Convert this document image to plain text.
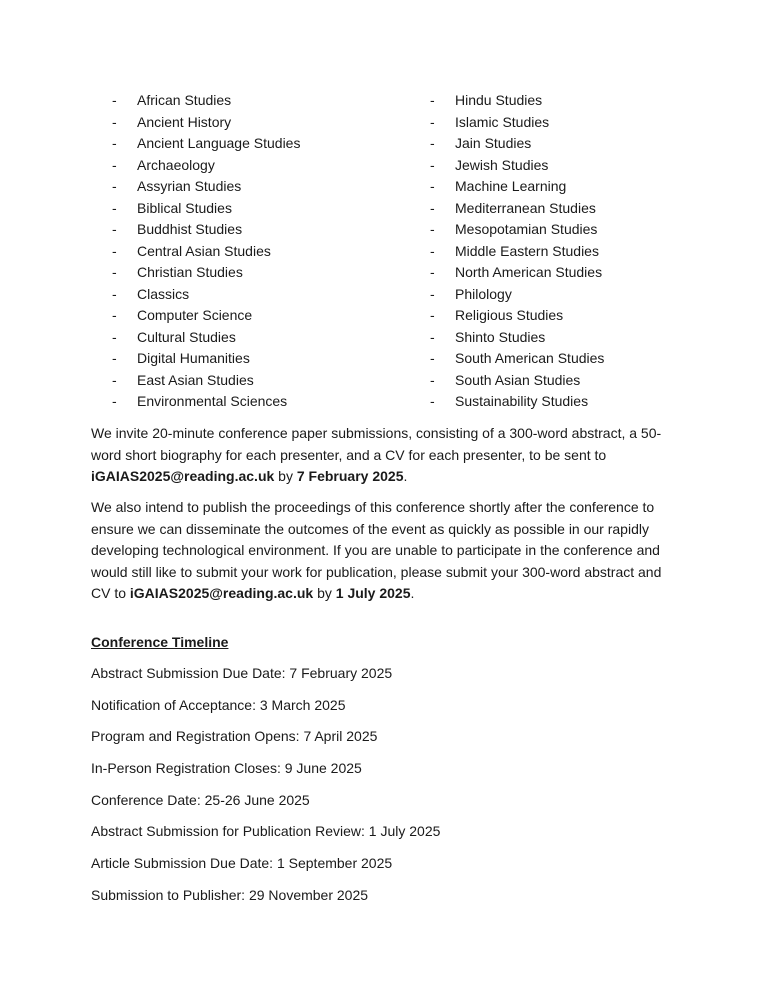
- African Studies
- Ancient History
- Ancient Language Studies
- Archaeology
- Assyrian Studies
- Biblical Studies
- Buddhist Studies
- Central Asian Studies
- Christian Studies
- Classics
- Computer Science
- Cultural Studies
- Digital Humanities
- East Asian Studies
- Environmental Sciences
- Hindu Studies
- Islamic Studies
- Jain Studies
- Jewish Studies
- Machine Learning
- Mediterranean Studies
- Mesopotamian Studies
- Middle Eastern Studies
- North American Studies
- Philology
- Religious Studies
- Shinto Studies
- South American Studies
- South Asian Studies
- Sustainability Studies

We invite 20-minute conference paper submissions, consisting of a 300-word abstract, a 50-word short biography for each presenter, and a CV for each presenter, to be sent to iGAIAS2025@reading.ac.uk by 7 February 2025.

We also intend to publish the proceedings of this conference shortly after the conference to ensure we can disseminate the outcomes of the event as quickly as possible in our rapidly developing technological environment. If you are unable to participate in the conference and would still like to submit your work for publication, please submit your 300-word abstract and CV to iGAIAS2025@reading.ac.uk by 1 July 2025.

Conference Timeline

Abstract Submission Due Date: 7 February 2025
Notification of Acceptance: 3 March 2025
Program and Registration Opens: 7 April 2025
In-Person Registration Closes: 9 June 2025
Conference Date: 25-26 June 2025
Abstract Submission for Publication Review: 1 July 2025
Article Submission Due Date: 1 September 2025
Submission to Publisher: 29 November 2025
